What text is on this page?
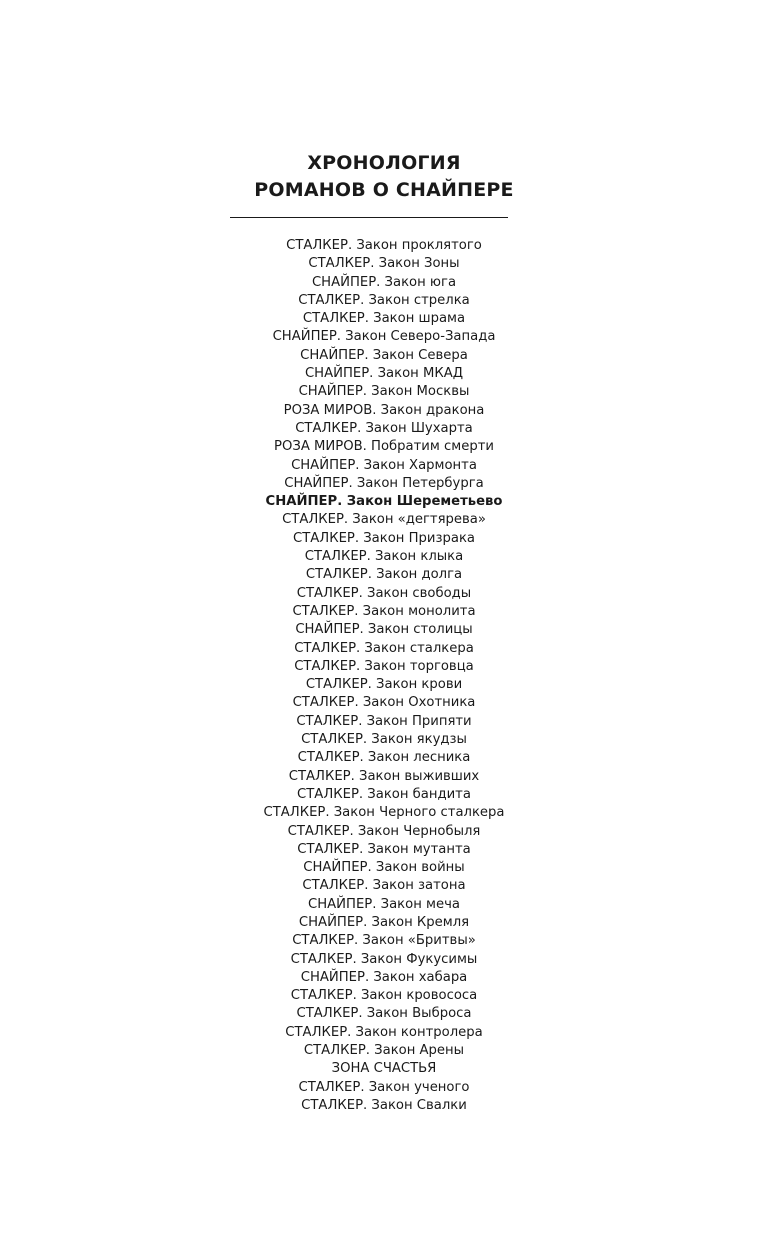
ХРОНОЛОГИЯ
РОМАНОВ О СНАЙПЕРЕ
СТАЛКЕР. Закон проклятого
СТАЛКЕР. Закон Зоны
СНАЙПЕР. Закон юга
СТАЛКЕР. Закон стрелка
СТАЛКЕР. Закон шрама
СНАЙПЕР. Закон Северо-Запада
СНАЙПЕР. Закон Севера
СНАЙПЕР. Закон МКАД
СНАЙПЕР. Закон Москвы
РОЗА МИРОВ. Закон дракона
СТАЛКЕР. Закон Шухарта
РОЗА МИРОВ. Побратим смерти
СНАЙПЕР. Закон Хармонта
СНАЙПЕР. Закон Петербурга
СНАЙПЕР. Закон Шереметьево
СТАЛКЕР. Закон «дегтярева»
СТАЛКЕР. Закон Призрака
СТАЛКЕР. Закон клыка
СТАЛКЕР. Закон долга
СТАЛКЕР. Закон свободы
СТАЛКЕР. Закон монолита
СНАЙПЕР. Закон столицы
СТАЛКЕР. Закон сталкера
СТАЛКЕР. Закон торговца
СТАЛКЕР. Закон крови
СТАЛКЕР. Закон Охотника
СТАЛКЕР. Закон Припяти
СТАЛКЕР. Закон якудзы
СТАЛКЕР. Закон лесника
СТАЛКЕР. Закон выживших
СТАЛКЕР. Закон бандита
СТАЛКЕР. Закон Черного сталкера
СТАЛКЕР. Закон Чернобыля
СТАЛКЕР. Закон мутанта
СНАЙПЕР. Закон войны
СТАЛКЕР. Закон затона
СНАЙПЕР. Закон меча
СНАЙПЕР. Закон Кремля
СТАЛКЕР. Закон «Бритвы»
СТАЛКЕР. Закон Фукусимы
СНАЙПЕР. Закон хабара
СТАЛКЕР. Закон кровососа
СТАЛКЕР. Закон Выброса
СТАЛКЕР. Закон контролера
СТАЛКЕР. Закон Арены
ЗОНА СЧАСТЬЯ
СТАЛКЕР. Закон ученого
СТАЛКЕР. Закон Свалки
